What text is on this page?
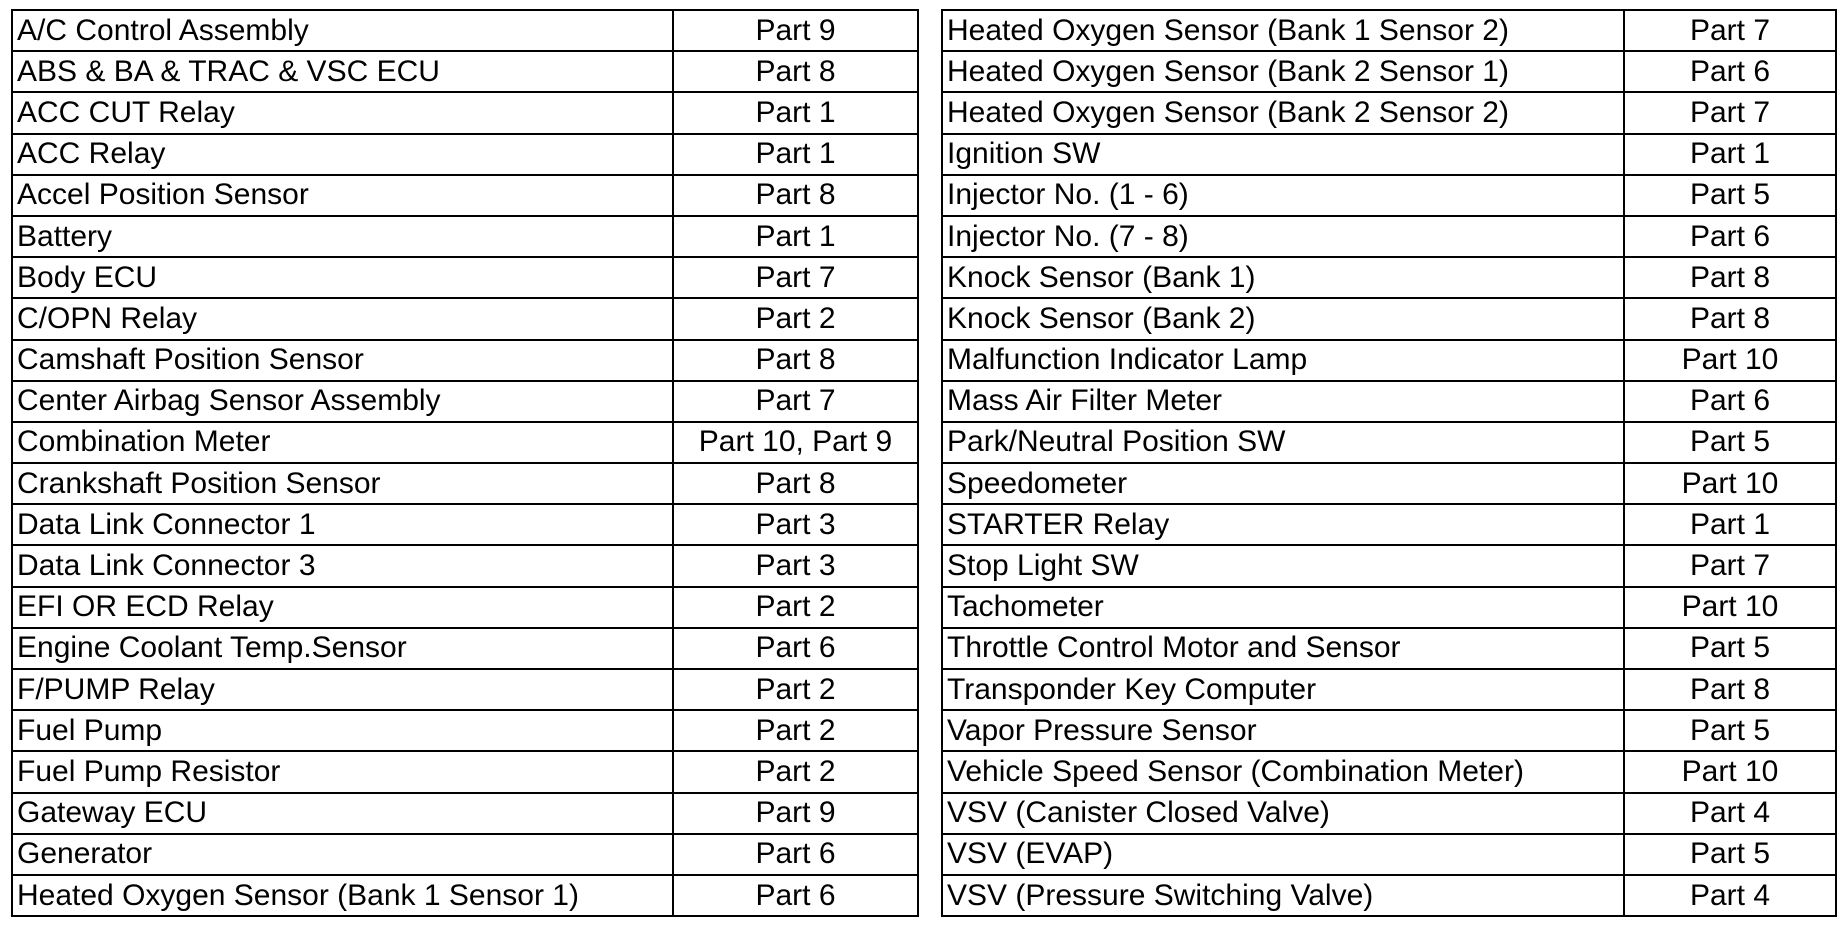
A/C Control Assembly	Part 9
ABS & BA & TRAC & VSC ECU	Part 8
ACC CUT Relay	Part 1
ACC Relay	Part 1
Accel Position Sensor	Part 8
Battery	Part 1
Body ECU	Part 7
C/OPN Relay	Part 2
Camshaft Position Sensor	Part 8
Center Airbag Sensor Assembly	Part 7
Combination Meter	Part 10, Part 9
Crankshaft Position Sensor	Part 8
Data Link Connector 1	Part 3
Data Link Connector 3	Part 3
EFI OR ECD Relay	Part 2
Engine Coolant Temp.Sensor	Part 6
F/PUMP Relay	Part 2
Fuel Pump	Part 2
Fuel Pump Resistor	Part 2
Gateway ECU	Part 9
Generator	Part 6
Heated Oxygen Sensor (Bank 1 Sensor 1)	Part 6
Heated Oxygen Sensor (Bank 1 Sensor 2)	Part 7
Heated Oxygen Sensor (Bank 2 Sensor 1)	Part 6
Heated Oxygen Sensor (Bank 2 Sensor 2)	Part 7
Ignition SW	Part 1
Injector No. (1 - 6)	Part 5
Injector No. (7 - 8)	Part 6
Knock Sensor (Bank 1)	Part 8
Knock Sensor (Bank 2)	Part 8
Malfunction Indicator Lamp	Part 10
Mass Air Filter Meter	Part 6
Park/Neutral Position SW	Part 5
Speedometer	Part 10
STARTER Relay	Part 1
Stop Light SW	Part 7
Tachometer	Part 10
Throttle Control Motor and Sensor	Part 5
Transponder Key Computer	Part 8
Vapor Pressure Sensor	Part 5
Vehicle Speed Sensor (Combination Meter)	Part 10
VSV (Canister Closed Valve)	Part 4
VSV (EVAP)	Part 5
VSV (Pressure Switching Valve)	Part 4
